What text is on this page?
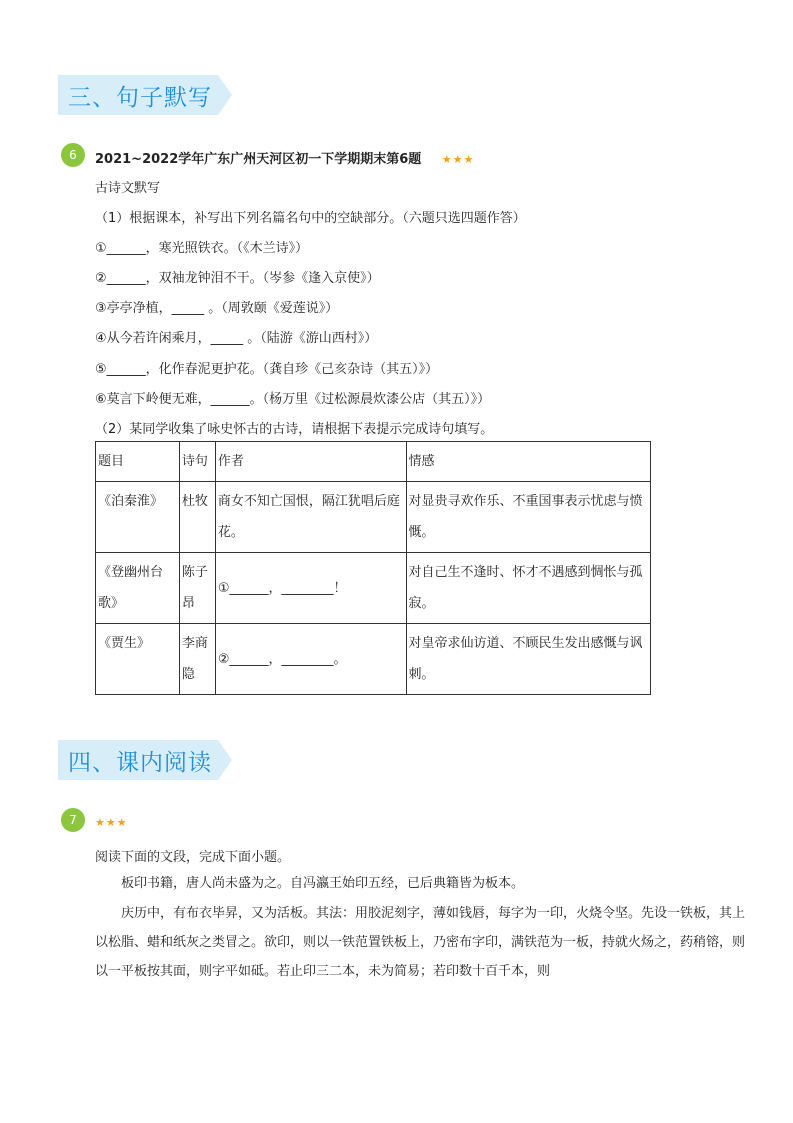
三、句子默写
6	2021~2022学年广东广州天河区初一下学期期末第6题 ★★★
古诗文默写
（1）根据课本，补写出下列名篇名句中的空缺部分。（六题只选四题作答）
①______，寒光照铁衣。（《木兰诗》）
②______，双袖龙钟泪不干。（岑参《逢入京使》）
③亭亭净植，_____ 。（周敦颐《爱莲说》）
④从今若许闲乘月，_____ 。（陆游《游山西村》）
⑤______，化作春泥更护花。（龚自珍《己亥杂诗（其五）》）
⑥莫言下岭便无难，______。（杨万里《过松源晨炊漆公店（其五）》）
（2）某同学收集了咏史怀古的古诗，请根据下表提示完成诗句填写。
题目	诗句	作者	情感
《泊秦淮》	杜牧	商女不知亡国恨，隔江犹唱后庭花。	对显贵寻欢作乐、不重国事表示忧虑与愤慨。
《登幽州台歌》	陈子昂	①______，________！	对自己生不逢时、怀才不遇感到惆怅与孤寂。
《贾生》	李商隐	②______，________。	对皇帝求仙访道、不顾民生发出感慨与讽刺。
四、课内阅读
7	★★★
阅读下面的文段，完成下面小题。
板印书籍，唐人尚未盛为之。自冯瀛王始印五经，已后典籍皆为板本。
庆历中，有布衣毕昇，又为活板。其法：用胶泥刻字，薄如钱唇，每字为一印，火烧令坚。先设一铁板，其上以松脂、蜡和纸灰之类冒之。欲印，则以一铁范置铁板上，乃密布字印，满铁范为一板，持就火炀之，药稍镕，则以一平板按其面，则字平如砥。若止印三二本，未为简易；若印数十百千本，则
